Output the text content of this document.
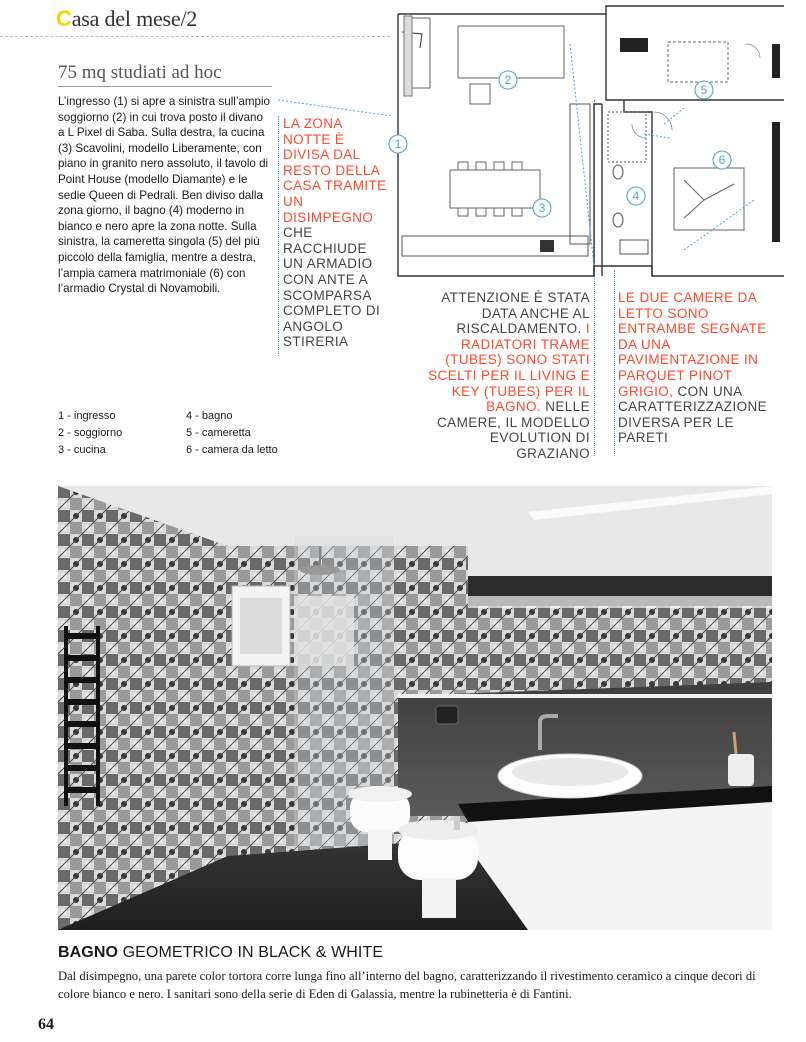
Casa del mese/2
75 mq studiati ad hoc

L’ingresso (1) si apre a sinistra sull’ampio soggiorno (2) in cui trova posto il divano a L Pixel di Saba. Sulla destra, la cucina (3) Scavolini, modello Liberamente, con piano in granito nero assoluto, il tavolo di Point House (modello Diamante) e le sedie Queen di Pedrali. Ben diviso dalla zona giorno, il bagno (4) moderno in bianco e nero apre la zona notte. Sulla sinistra, la cameretta singola (5) del più piccolo della famiglia, mentre a destra, l’ampia camera matrimoniale (6) con l’armadio Crystal di Novamobili.

1 - ingresso	4 - bagno
2 - soggiorno	5 - cameretta
3 - cucina	6 - camera da letto
LA ZONA NOTTE È DIVISA DAL RESTO DELLA CASA TRAMITE UN DISIMPEGNO CHE RACCHIUDE UN ARMADIO CON ANTE A SCOMPARSA COMPLETO DI ANGOLO STIRERIA
ATTENZIONE È STATA DATA ANCHE AL RISCALDAMENTO. I RADIATORI TRAME (TUBES) SONO STATI SCELTI PER IL LIVING E KEY (TUBES) PER IL BAGNO. NELLE CAMERE, IL MODELLO EVOLUTION DI GRAZIANO
LE DUE CAMERE DA LETTO SONO ENTRAMBE SEGNATE DA UNA PAVIMENTAZIONE IN PARQUET PINOT GRIGIO, CON UNA CARATTERIZZAZIONE DIVERSA PER LE PARETI
1
2
3
4
5
6
BAGNO GEOMETRICO IN BLACK & WHITE

Dal disimpegno, una parete color tortora corre lunga fino all’interno del bagno, caratterizzando il rivestimento ceramico a cinque decori di colore bianco e nero. I sanitari sono della serie di Eden di Galassia, mentre la rubinetteria è di Fantini.

64
